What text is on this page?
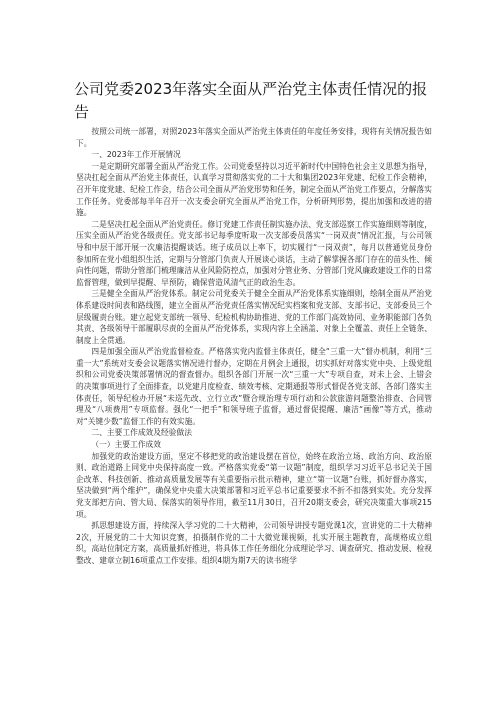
公司党委2023年落实全面从严治党主体责任情况的报告

按照公司统一部署，对照2023年落实全面从严治党主体责任的年度任务安排，现将有关情况报告如下。

一、2023年工作开展情况

一是定期研究部署全面从严治党工作。公司党委坚持以习近平新时代中国特色社会主义思想为指导，坚决扛起全面从严治党主体责任，认真学习贯彻落实党的二十大和集团2023年党建、纪检工作会精神，召开年度党建、纪检工作会，结合公司全面从严治党形势和任务，制定全面从严治党工作要点，分解落实工作任务。党委部每半年召开一次支委会研究全面从严治党工作，分析研判形势，提出加强和改进的措施。

二是坚决扛起全面从严治党责任。修订党建工作责任制实施办法、党支部巡察工作实施细则等制度，压实全面从严治党各级责任。党支部书记每季度听取一次支部委员落实“一岗双责”情况汇报，与公司领导和中层干部开展一次廉洁提醒谈话。班子成员以上率下，切实履行“一岗双责”，每月以普通党员身份参加所在党小组组织生活，定期与分管部门负责人开展谈心谈话，主动了解掌握各部门存在的苗头性、倾向性问题，帮助分管部门梳理廉洁从业风险防控点，加强对分管业务、分管部门党风廉政建设工作的日常监督管理，做到早提醒、早预防，确保营造风清气正的政治生态。

三是健全全面从严治党体系。制定公司党委关于健全全面从严治党体系实施细则，绘制全面从严治党体系建设时间表和路线图，建立全面从严治党责任落实情况纪实档案和党支部、支部书记、支部委员三个层级履责台账。建立起党支部统一领导、纪检机构协助推进、党的工作部门高效协同、业务职能部门各负其责、各级领导干部履职尽责的全面从严治党体系，实现内容上全涵盖、对象上全覆盖、责任上全链条、制度上全贯通。

四是加强全面从严治党监督检查。严格落实党内监督主体责任，健全“三重一大”督办机制，利用“三重一大”系统对支委会议题落实情况进行督办，定期在月例会上通报，切实抓好对落实党中央、上级党组织和公司党委决策部署情况的督查督办。组织各部门开展一次“三重一大”专项自查，对未上会、上错会的决策事项进行了全面排查，以党建月度检查、绩效考核、定期通报等形式督促各党支部、各部门落实主体责任，领导纪检办开展“未巡先改、立行立改”暨合规治理专项行动和公款旅游问题整治排查、合同管理及“八项费用”专项监督。强化“一把手”和领导班子监督，通过督促提醒、廉洁“画像”等方式，推动对“关键少数”监督工作的有效实施。

二、主要工作成效及经验做法

（一）主要工作成效

加强党的政治建设方面，坚定不移把党的政治建设摆在首位，始终在政治立场、政治方向、政治原则、政治道路上同党中央保持高度一致。严格落实党委“第一议题”制度，组织学习习近平总书记关于国企改革、科技创新、推动高质量发展等有关重要指示批示精神，建立“第一议题”台账，抓好督办落实，坚决做到“两个维护”，确保党中央重大决策部署和习近平总书记重要要求不折不扣落到实处。充分发挥党支部把方向、管大局、保落实的领导作用，截至11月30日，召开20期支委会，研究决策重大事项215项。

抓思想建设方面，持续深入学习党的二十大精神，公司领导讲授专题党课1次，宣讲党的二十大精神2次，开展党的二十大知识竞赛，拍摄制作党的二十大微党课视频，扎实开展主题教育，高规格成立组织，高站位制定方案，高质量抓好推进，将具体工作任务细化分成理论学习、调查研究、推动发展、检视整改、建章立制16项重点工作安排。组织4期为期7天的读书班学
